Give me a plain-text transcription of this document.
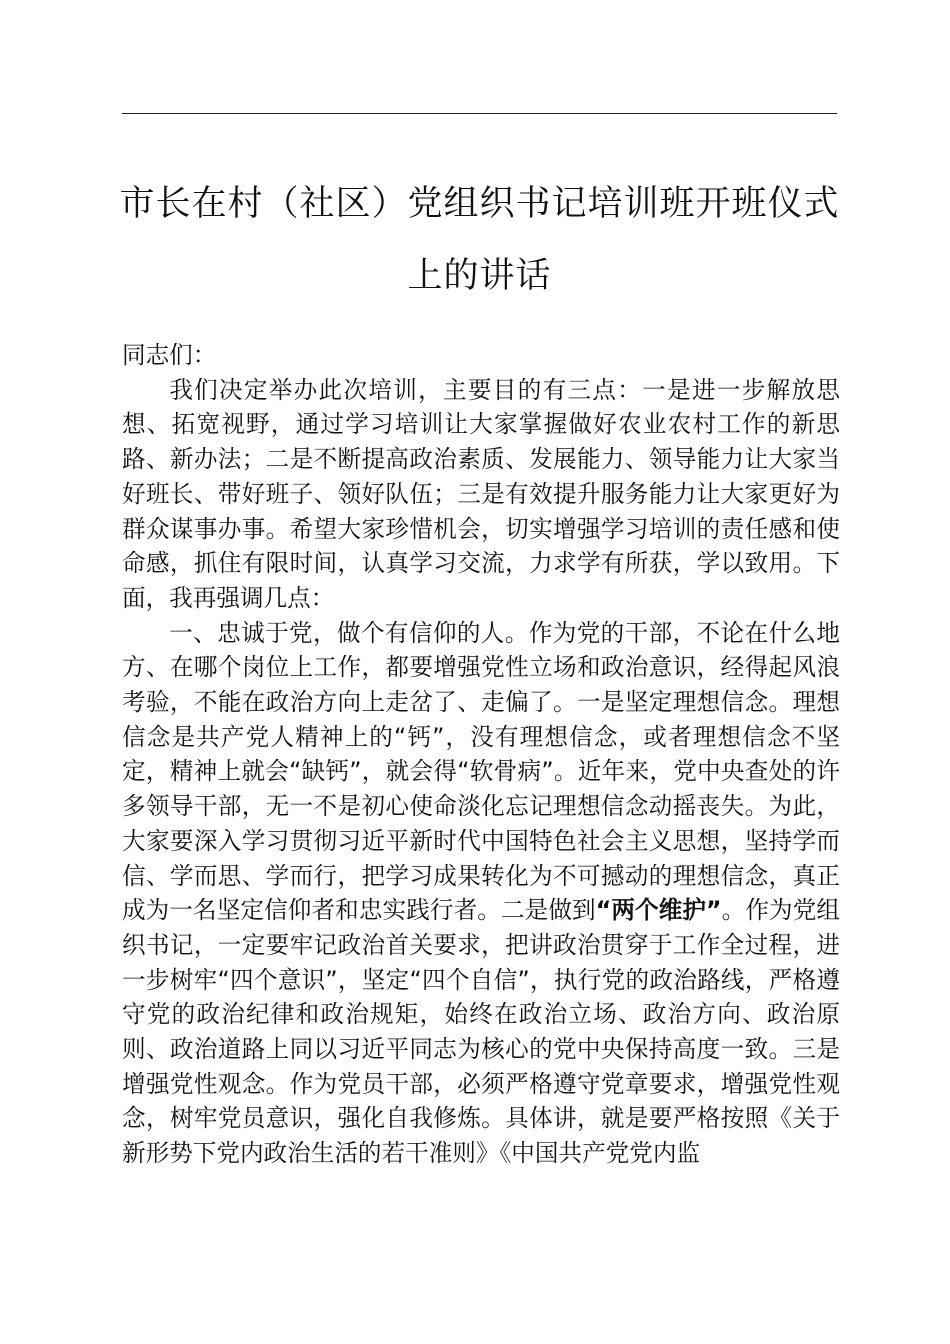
市长在村（社区）党组织书记培训班开班仪式
上的讲话

同志们：

我们决定举办此次培训，主要目的有三点：一是进一步解放思想、拓宽视野，通过学习培训让大家掌握做好农业农村工作的新思路、新办法；二是不断提高政治素质、发展能力、领导能力让大家当好班长、带好班子、领好队伍；三是有效提升服务能力让大家更好为群众谋事办事。希望大家珍惜机会，切实增强学习培训的责任感和使命感，抓住有限时间，认真学习交流，力求学有所获，学以致用。下面，我再强调几点：

一、忠诚于党，做个有信仰的人。作为党的干部，不论在什么地方、在哪个岗位上工作，都要增强党性立场和政治意识，经得起风浪考验，不能在政治方向上走岔了、走偏了。一是坚定理想信念。理想信念是共产党人精神上的“钙”，没有理想信念，或者理想信念不坚定，精神上就会“缺钙”，就会得“软骨病”。近年来，党中央查处的许多领导干部，无一不是初心使命淡化忘记理想信念动摇丧失。为此，大家要深入学习贯彻习近平新时代中国特色社会主义思想，坚持学而信、学而思、学而行，把学习成果转化为不可撼动的理想信念，真正成为一名坚定信仰者和忠实践行者。二是做到“两个维护”。作为党组织书记，一定要牢记政治首关要求，把讲政治贯穿于工作全过程，进一步树牢“四个意识”，坚定“四个自信”，执行党的政治路线，严格遵守党的政治纪律和政治规矩，始终在政治立场、政治方向、政治原则、政治道路上同以习近平同志为核心的党中央保持高度一致。三是增强党性观念。作为党员干部，必须严格遵守党章要求，增强党性观念，树牢党员意识，强化自我修炼。具体讲，就是要严格按照《关于新形势下党内政治生活的若干准则》《中国共产党党内监
